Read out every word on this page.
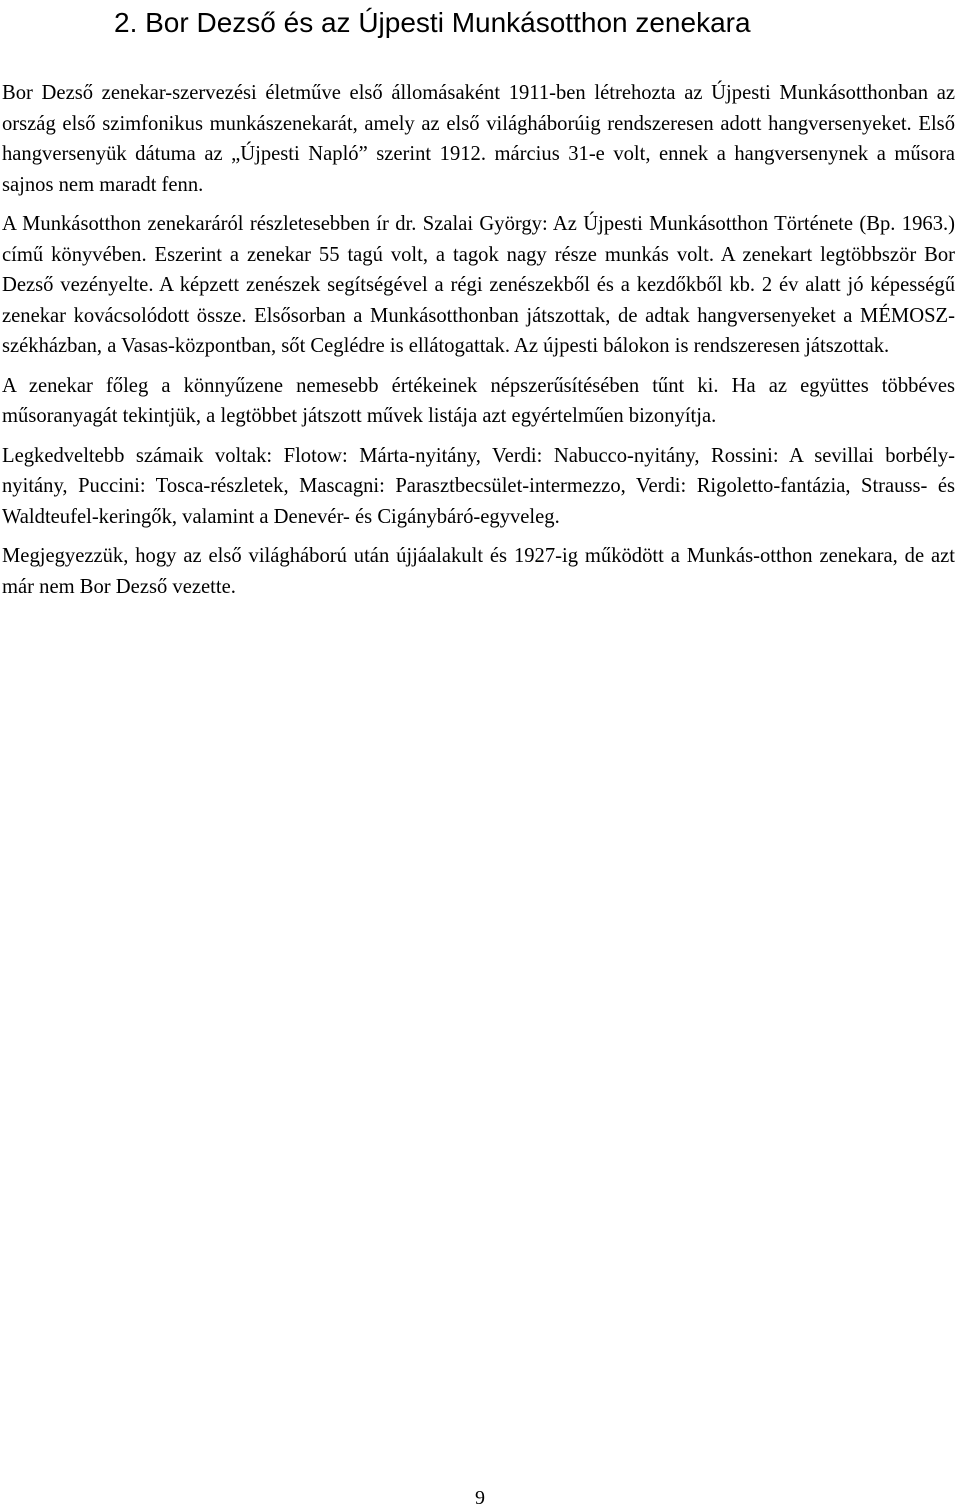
2. Bor Dezső és az Újpesti Munkásotthon zenekara

Bor Dezső zenekar-szervezési életműve első állomásaként 1911-ben létrehozta az Újpesti Munkásotthonban az ország első szimfonikus munkászenekarát, amely az első világháborúig rendszeresen adott hangversenyeket. Első hangversenyük dátuma az „Újpesti Napló” szerint 1912. március 31-e volt, ennek a hangversenynek a műsora sajnos nem maradt fenn.

A Munkásotthon zenekaráról részletesebben ír dr. Szalai György: Az Újpesti Munkásotthon Története (Bp. 1963.) című könyvében. Eszerint a zenekar 55 tagú volt, a tagok nagy része munkás volt. A zenekart legtöbbször Bor Dezső vezényelte. A képzett zenészek segítségével a régi zenészekből és a kezdőkből kb. 2 év alatt jó képességű zenekar kovácsolódott össze. Elsősorban a Munkásotthonban játszottak, de adtak hangversenyeket a MÉMOSZ-székházban, a Vasas-központban, sőt Ceglédre is ellátogattak. Az újpesti bálokon is rendszeresen játszottak.

A zenekar főleg a könnyűzene nemesebb értékeinek népszerűsítésében tűnt ki. Ha az együttes többéves műsoranyagát tekintjük, a legtöbbet játszott művek listája azt egyértelműen bizonyítja.

Legkedveltebb számaik voltak: Flotow: Márta-nyitány, Verdi: Nabucco-nyitány, Rossini: A sevillai borbély-nyitány, Puccini: Tosca-részletek, Mascagni: Parasztbecsület-intermezzo, Verdi: Rigoletto-fantázia, Strauss- és Waldteufel-keringők, valamint a Denevér- és Cigánybáró-egyveleg.

Megjegyezzük, hogy az első világháború után újjáalakult és 1927-ig működött a Munkás-otthon zenekara, de azt már nem Bor Dezső vezette.

9
